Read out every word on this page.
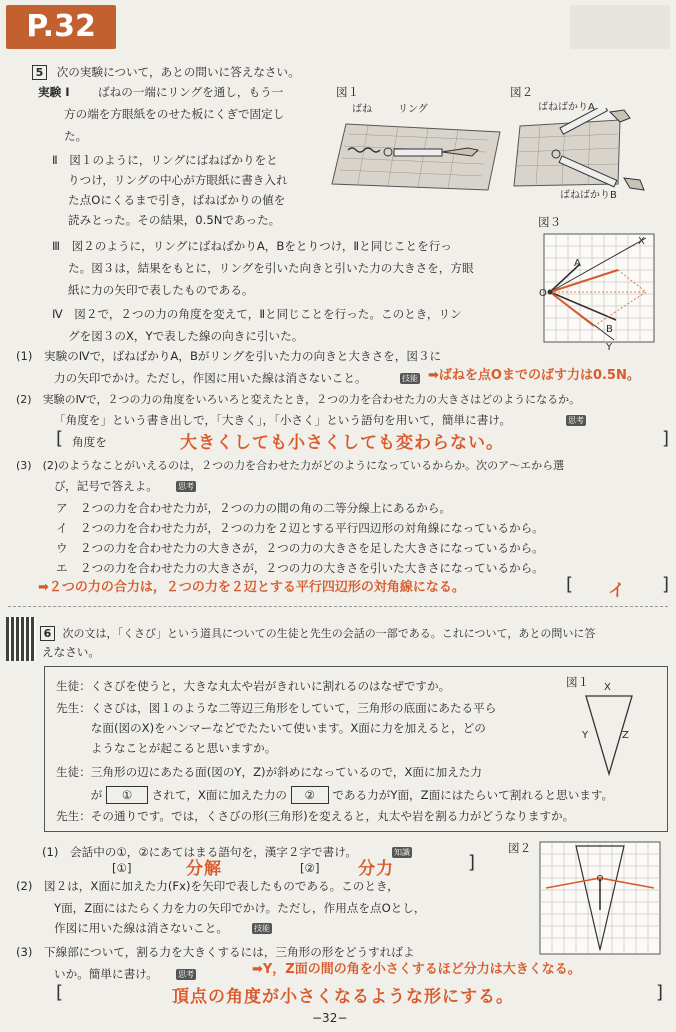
P.32
5 次の実験について，あとの問いに答えなさい。
実験 Ⅰ ばねの一端にリングを通し，もう一
方の端を方眼紙をのせた板にくぎで固定し
た。
Ⅱ　図１のように，リングにばねばかりをと
りつけ，リングの中心が方眼紙に書き入れ
た点Oにくるまで引き，ばねばかりの値を
読みとった。その結果，0.5Nであった。
Ⅲ　図２のように，リングにばねばかりA，Bをとりつけ，Ⅱと同じことを行っ
た。図３は，結果をもとに，リングを引いた向きと引いた力の大きさを，方眼
紙に力の矢印で表したものである。
Ⅳ　図２で，２つの力の角度を変えて，Ⅱと同じことを行った。このとき，リン
グを図３のX，Yで表した線の向きに引いた。
図１
ばね	リング
図２
ばねばかりA
ばねばかりB
図３
O
A
B
X
Y
(1)　実験のⅣで，ばねばかりA，Bがリングを引いた力の向きと大きさを，図３に
力の矢印でかけ。ただし，作図に用いた線は消さないこと。	技能 ➡ばねを点Oまでのばす力は0.5N。
(2)　実験のⅣで，２つの力の角度をいろいろと変えたとき，２つの力を合わせた力の大きさはどのようになるか。
「角度を」という書き出しで，「大きく」，「小さく」という語句を用いて，簡単に書け。	思考
[ 角度を	大きくしても小さくしても変わらない。	]
(3)　(2)のようなことがいえるのは，２つの力を合わせた力がどのようになっているからか。次のア〜エから選
び，記号で答えよ。	思考
ア ２つの力を合わせた力が，２つの力の間の角の二等分線上にあるから。
イ ２つの力を合わせた力が，２つの力を２辺とする平行四辺形の対角線になっているから。
ウ ２つの力を合わせた力の大きさが，２つの力の大きさを足した大きさになっているから。
エ ２つの力を合わせた力の大きさが，２つの力の大きさを引いた大きさになっているから。
➡２つの力の合力は，２つの力を２辺とする平行四辺形の対角線になる。	[ イ ]
6 次の文は，「くさび」という道具についての生徒と先生の会話の一部である。これについて，あとの問いに答
えなさい。
生徒：くさびを使うと，大きな丸太や岩がきれいに割れるのはなぜですか。
先生：くさびは，図１のような二等辺三角形をしていて，三角形の底面にあたる平ら
　　　な面(図のX)をハンマーなどでたたいて使います。X面に力を加えると，どの
　　　ようなことが起こると思いますか。
生徒：三角形の辺にあたる面(図のY，Z)が斜めになっているので，X面に加えた力
　　　が ① されて，X面に加えた力の ② である力がY面，Z面にはたらいて割れると思います。
先生：その通りです。では，くさびの形(三角形)を変えると，丸太や岩を割る力がどうなりますか。
図１ X
Y	Z
(1)　会話中の①，②にあてはまる語句を，漢字２字で書け。	知識
[①]	分解	[②] 分力	]
(2)　図２は，X面に加えた力(Fx)を矢印で表したものである。このとき，
Y面，Z面にはたらく力を力の矢印でかけ。ただし，作用点を点Oとし，
作図に用いた線は消さないこと。	技能
図２
(3)　下線部について，割る力を大きくするには，三角形の形をどうすればよ
いか。簡単に書け。	思考	➡Y，Z面の間の角を小さくするほど分力は大きくなる。
[	頂点の角度が小さくなるような形にする。	]
−32−
